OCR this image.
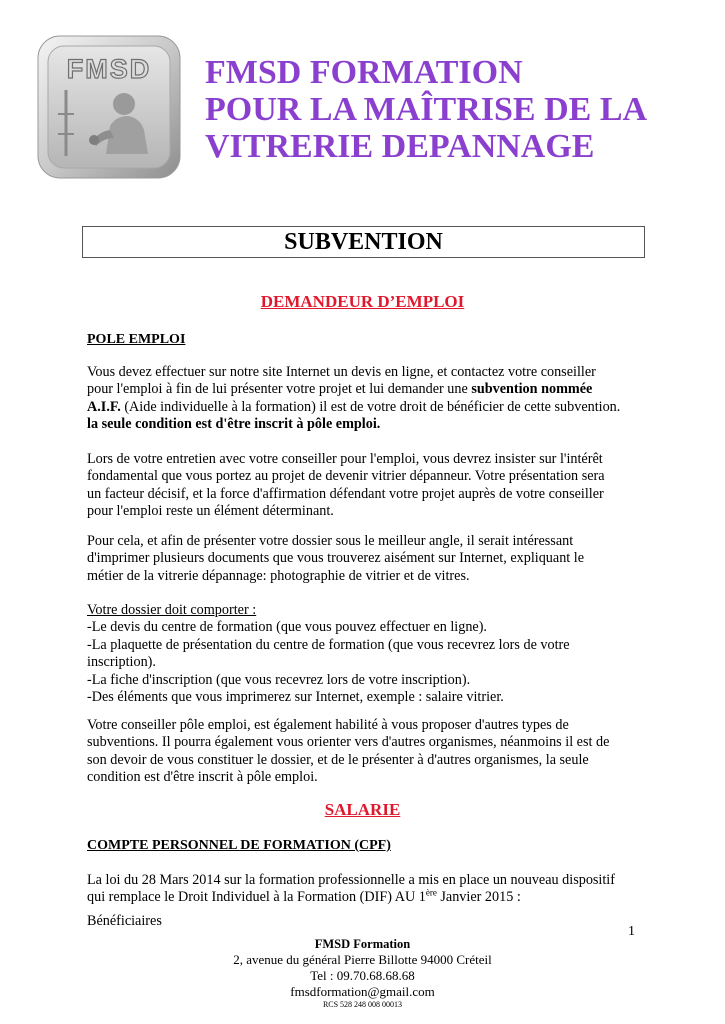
FMSD FMSD FORMATION
POUR LA MAÎTRISE DE LA
VITRERIE DEPANNAGE
SUBVENTION
DEMANDEUR D’EMPLOI
POLE EMPLOI
Vous devez effectuer sur notre site Internet un devis en ligne, et contactez votre conseiller
pour l'emploi à fin de lui présenter votre projet et lui demander une subvention nommée
A.I.F. (Aide individuelle à la formation) il est de votre droit de bénéficier de cette subvention.
la seule condition est d'être inscrit à pôle emploi.
Lors de votre entretien avec votre conseiller pour l'emploi, vous devrez insister sur l'intérêt
fondamental que vous portez au projet de devenir vitrier dépanneur. Votre présentation sera
un facteur décisif, et la force d'affirmation défendant votre projet auprès de votre conseiller
pour l'emploi reste un élément déterminant.
Pour cela, et afin de présenter votre dossier sous le meilleur angle, il serait intéressant
d'imprimer plusieurs documents que vous trouverez aisément sur Internet, expliquant le
métier de la vitrerie dépannage: photographie de vitrier et de vitres.
Votre dossier doit comporter :
-Le devis du centre de formation (que vous pouvez effectuer en ligne).
-La plaquette de présentation du centre de formation (que vous recevrez lors de votre
inscription).
-La fiche d'inscription (que vous recevrez lors de votre inscription).
-Des éléments que vous imprimerez sur Internet, exemple : salaire vitrier.
Votre conseiller pôle emploi, est également habilité à vous proposer d'autres types de
subventions. Il pourra également vous orienter vers d'autres organismes, néanmoins il est de
son devoir de vous constituer le dossier, et de le présenter à d'autres organismes, la seule
condition est d'être inscrit à pôle emploi.
SALARIE
COMPTE PERSONNEL DE FORMATION (CPF)
La loi du 28 Mars 2014 sur la formation professionnelle a mis en place un nouveau dispositif
qui remplace le Droit Individuel à la Formation (DIF) AU 1ère Janvier 2015 :
Bénéficiaires
1
FMSD Formation
2, avenue du général Pierre Billotte 94000 Créteil
Tel : 09.70.68.68.68
fmsdformation@gmail.com
RCS 528 248 008 00013
